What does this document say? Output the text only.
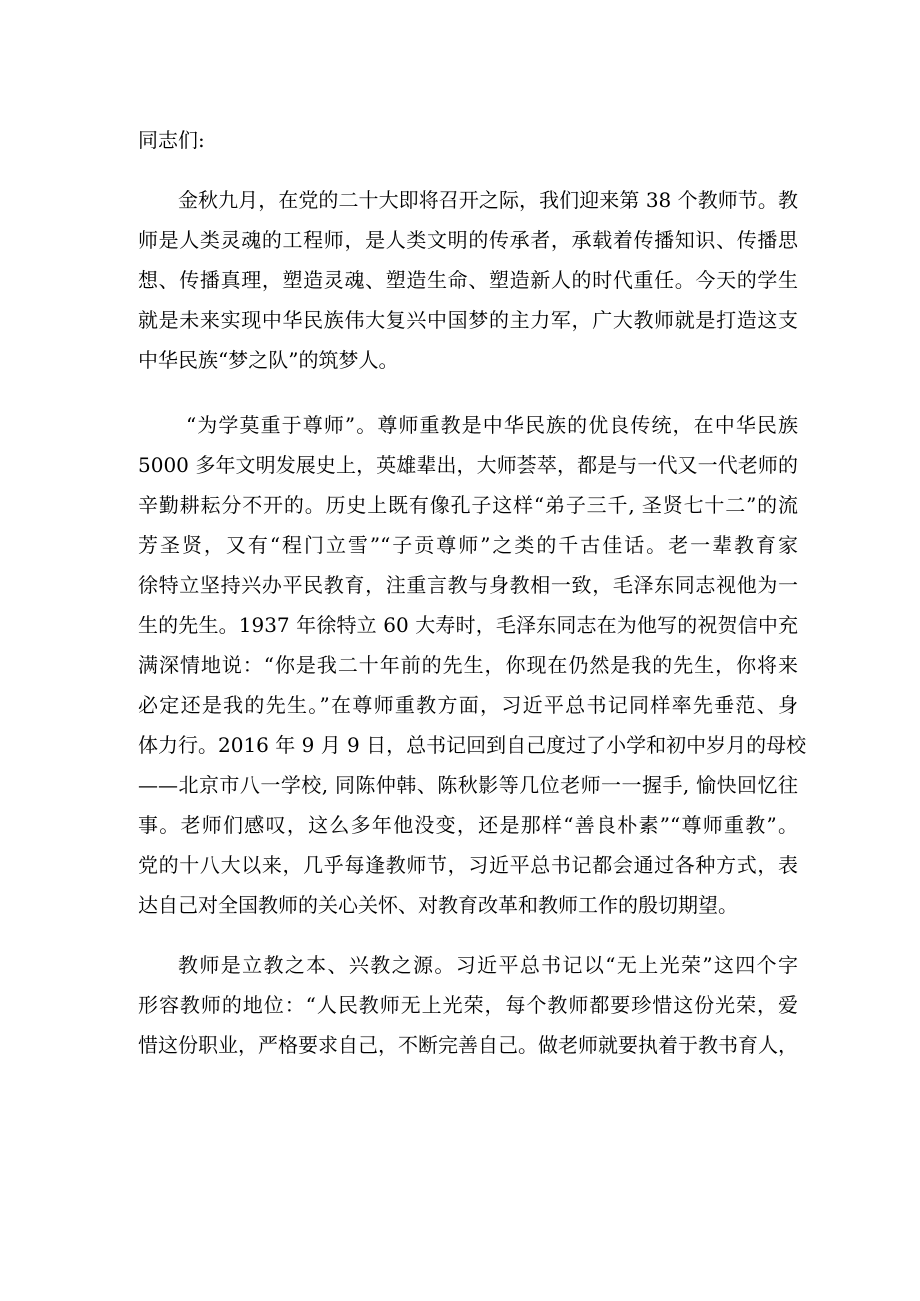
同志们:
金秋九月，在党的二十大即将召开之际，我们迎来第 38 个教师节。教
师是人类灵魂的工程师，是人类文明的传承者，承载着传播知识、传播思
想、传播真理，塑造灵魂、塑造生命、塑造新人的时代重任。今天的学生
就是未来实现中华民族伟大复兴中国梦的主力军，广大教师就是打造这支
中华民族“梦之队”的筑梦人。
“为学莫重于尊师”。尊师重教是中华民族的优良传统，在中华民族
5000 多年文明发展史上，英雄辈出，大师荟萃，都是与一代又一代老师的
辛勤耕耘分不开的。历史上既有像孔子这样“弟子三千, 圣贤七十二”的流
芳圣贤，又有“程门立雪”“子贡尊师”之类的千古佳话。老一辈教育家
徐特立坚持兴办平民教育，注重言教与身教相一致，毛泽东同志视他为一
生的先生。1937 年徐特立 60 大寿时，毛泽东同志在为他写的祝贺信中充
满深情地说：“你是我二十年前的先生，你现在仍然是我的先生，你将来
必定还是我的先生。”在尊师重教方面，习近平总书记同样率先垂范、身
体力行。2016 年 9 月 9 日，总书记回到自己度过了小学和初中岁月的母校
——北京市八一学校, 同陈仲韩、陈秋影等几位老师一一握手, 愉快回忆往
事。老师们感叹，这么多年他没变，还是那样“善良朴素”“尊师重教”。
党的十八大以来，几乎每逢教师节，习近平总书记都会通过各种方式，表
达自己对全国教师的关心关怀、对教育改革和教师工作的殷切期望。
教师是立教之本、兴教之源。习近平总书记以“无上光荣”这四个字
形容教师的地位：“人民教师无上光荣，每个教师都要珍惜这份光荣，爱
惜这份职业，严格要求自己，不断完善自己。做老师就要执着于教书育人，
